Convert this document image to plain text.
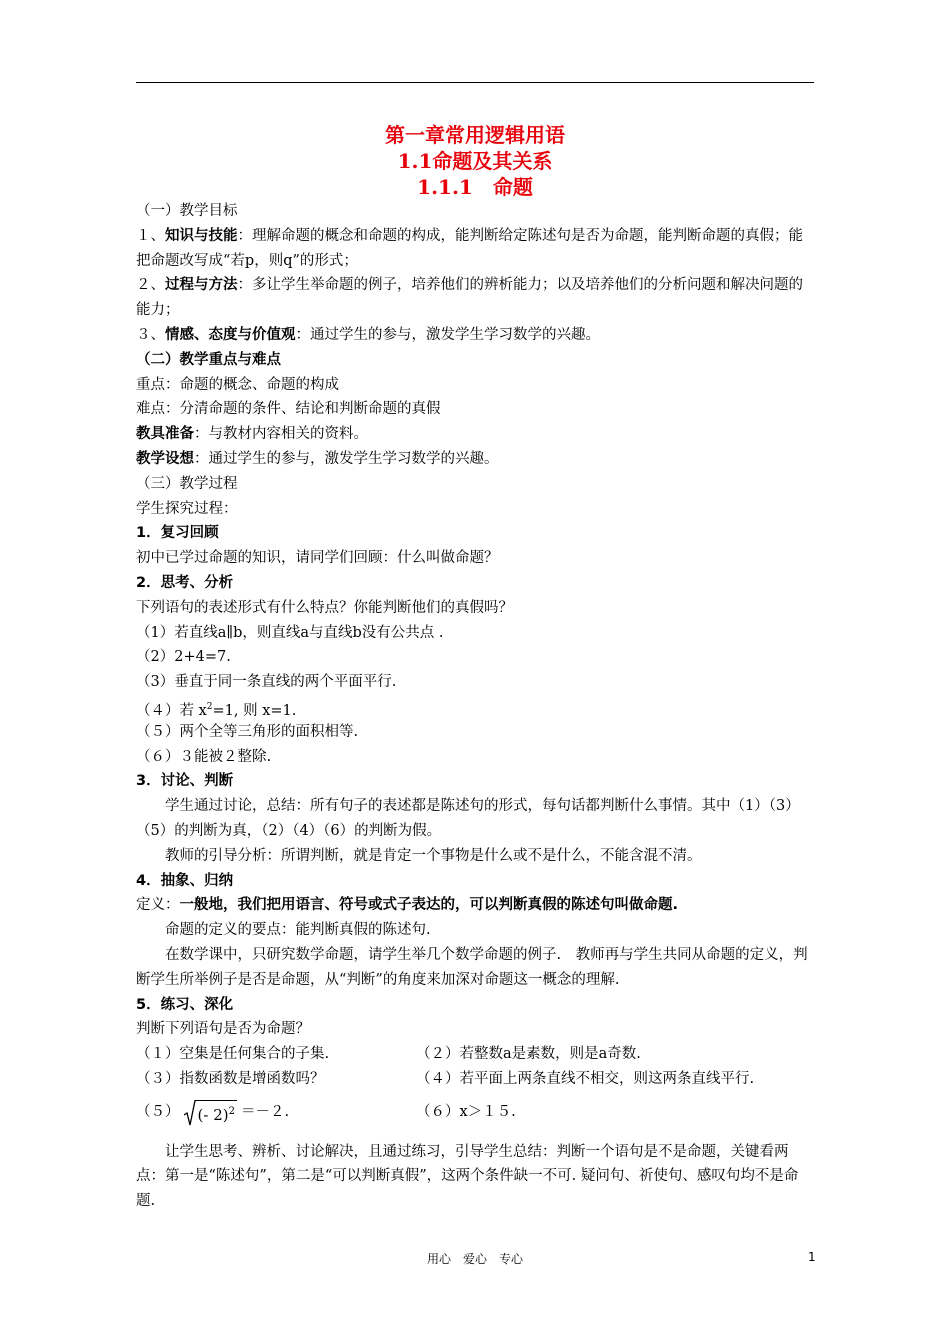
第一章常用逻辑用语
1.1命题及其关系
1.1.1　命题
（一）教学目标
１、知识与技能：理解命题的概念和命题的构成，能判断给定陈述句是否为命题，能判断命题的真假；能把命题改写成“若p，则q”的形式；
２、过程与方法：多让学生举命题的例子，培养他们的辨析能力；以及培养他们的分析问题和解决问题的能力；
３、情感、态度与价值观：通过学生的参与，激发学生学习数学的兴趣。
（二）教学重点与难点
重点：命题的概念、命题的构成
难点：分清命题的条件、结论和判断命题的真假
教具准备：与教材内容相关的资料。
教学设想：通过学生的参与，激发学生学习数学的兴趣。
（三）教学过程
学生探究过程：
1．复习回顾
初中已学过命题的知识，请同学们回顾：什么叫做命题？
2．思考、分析
下列语句的表述形式有什么特点？你能判断他们的真假吗？
（1）若直线a∥b，则直线a与直线b没有公共点 .
（2）2+4=7.
（3）垂直于同一条直线的两个平面平行.
（４）若 $x^2=1$, 则 x=1.
（５）两个全等三角形的面积相等.
（６）３能被２整除.
3．讨论、判断
学生通过讨论，总结：所有句子的表述都是陈述句的形式，每句话都判断什么事情。其中（1）（3）（5）的判断为真，（2）（4）（6）的判断为假。
教师的引导分析：所谓判断，就是肯定一个事物是什么或不是什么，不能含混不清。
4．抽象、归纳
定义：一般地，我们把用语言、符号或式子表达的，可以判断真假的陈述句叫做命题.
命题的定义的要点：能判断真假的陈述句.
在数学课中，只研究数学命题，请学生举几个数学命题的例子.　教师再与学生共同从命题的定义，判断学生所举例子是否是命题，从“判断”的角度来加深对命题这一概念的理解.
5．练习、深化
判断下列语句是否为命题？
（１）空集是任何集合的子集.	（２）若整数a是素数，则是a奇数.
（３）指数函数是增函数吗？	（４）若平面上两条直线不相交，则这两条直线平行.
（５） (- 2)$^2$ ＝－２.	（６）x＞１５.
让学生思考、辨析、讨论解决，且通过练习，引导学生总结：判断一个语句是不是命题，关键看两点：第一是“陈述句”，第二是“可以判断真假”，这两个条件缺一不可. 疑问句、祈使句、感叹句均不是命题.
用心　爱心　专心	1
